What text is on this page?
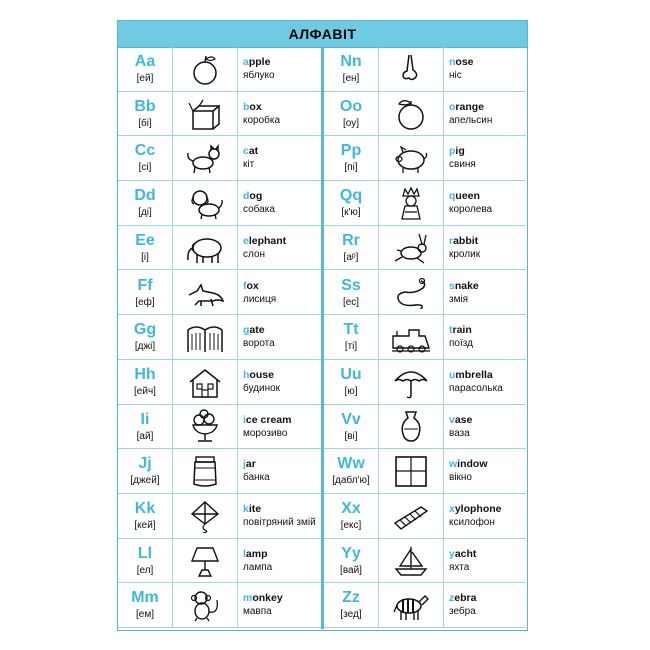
АЛФАВІТ
Aa
[ей]
apple
яблуко
Bb
[бі]
box
коробка
Cc
[сі]
cat
кіт
Dd
[ді]
dog
собака
Ee
[і]
elephant
слон
Ff
[еф]
fox
лисиця
Gg
[джі]
gate
ворота
Hh
[ейч]
house
будинок
Ii
[ай]
ice cream
морозиво
Jj
[джей]
jar
банка
Kk
[кей]
kite
повітряний змій
Ll
[ел]
lamp
лампа
Mm
[ем]
monkey
мавпа
Nn
[ен]
nose
ніс
Oo
[оу]
orange
апельсин
Pp
[пі]
pig
свиня
Qq
[к'ю]
queen
королева
Rr
[аᵖ]
rabbit
кролик
Ss
[ес]
snake
змія
Tt
[ті]
train
поїзд
Uu
[ю]
umbrella
парасолька
Vv
[ві]
vase
ваза
Ww
[дабл'ю]
window
вікно
Xx
[екс]
xylophone
ксилофон
Yy
[вай]
yacht
яхта
Zz
[зед]
zebra
зебра
